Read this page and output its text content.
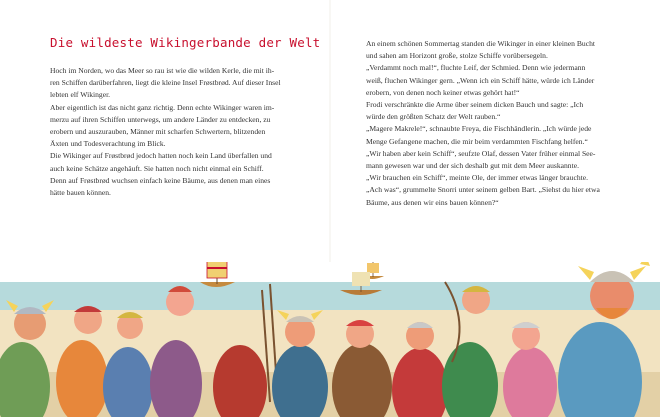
Die wildeste Wikingerbande der Welt

Hoch im Norden, wo das Meer so rau ist wie die wilden Kerle, die mit ih-

ren Schiffen darüberfahren, liegt die kleine Insel Frøstbrød. Auf dieser Insel

lebten elf Wikinger.

Aber eigentlich ist das nicht ganz richtig. Denn echte Wikinger waren im-

merzu auf ihren Schiffen unterwegs, um andere Länder zu entdecken, zu

erobern und auszurauben, Männer mit scharfen Schwertern, blitzenden

Äxten und Todesverachtung im Blick.

Die Wikinger auf Frøstbrød jedoch hatten noch kein Land überfallen und

auch keine Schätze angehäuft. Sie hatten noch nicht einmal ein Schiff.

Denn auf Frøstbrød wuchsen einfach keine Bäume, aus denen man eines

hätte bauen können.

An einem schönen Sommertag standen die Wikinger in einer kleinen Bucht

und sahen am Horizont große, stolze Schiffe vorübersegeln.

„Verdammt noch mal!“, fluchte Leif, der Schmied. Denn wie jedermann

weiß, fluchen Wikinger gern. „Wenn ich ein Schiff hätte, würde ich Länder

erobern, von denen noch keiner etwas gehört hat!“

Frodi verschränkte die Arme über seinem dicken Bauch und sagte: „Ich

würde den größten Schatz der Welt rauben.“

„Magere Makrele!“, schnaubte Freya, die Fischhändlerin. „Ich würde jede

Menge Gefangene machen, die mir beim verdammten Fischfang helfen.“

„Wir haben aber kein Schiff“, seufzte Olaf, dessen Vater früher einmal See-

mann gewesen war und der sich deshalb gut mit dem Meer auskannte.

„Wir brauchen ein Schiff“, meinte Ole, der immer etwas länger brauchte.

„Ach was“, grummelte Snorri unter seinem gelben Bart. „Siehst du hier etwa

Bäume, aus denen wir eins bauen können?“
